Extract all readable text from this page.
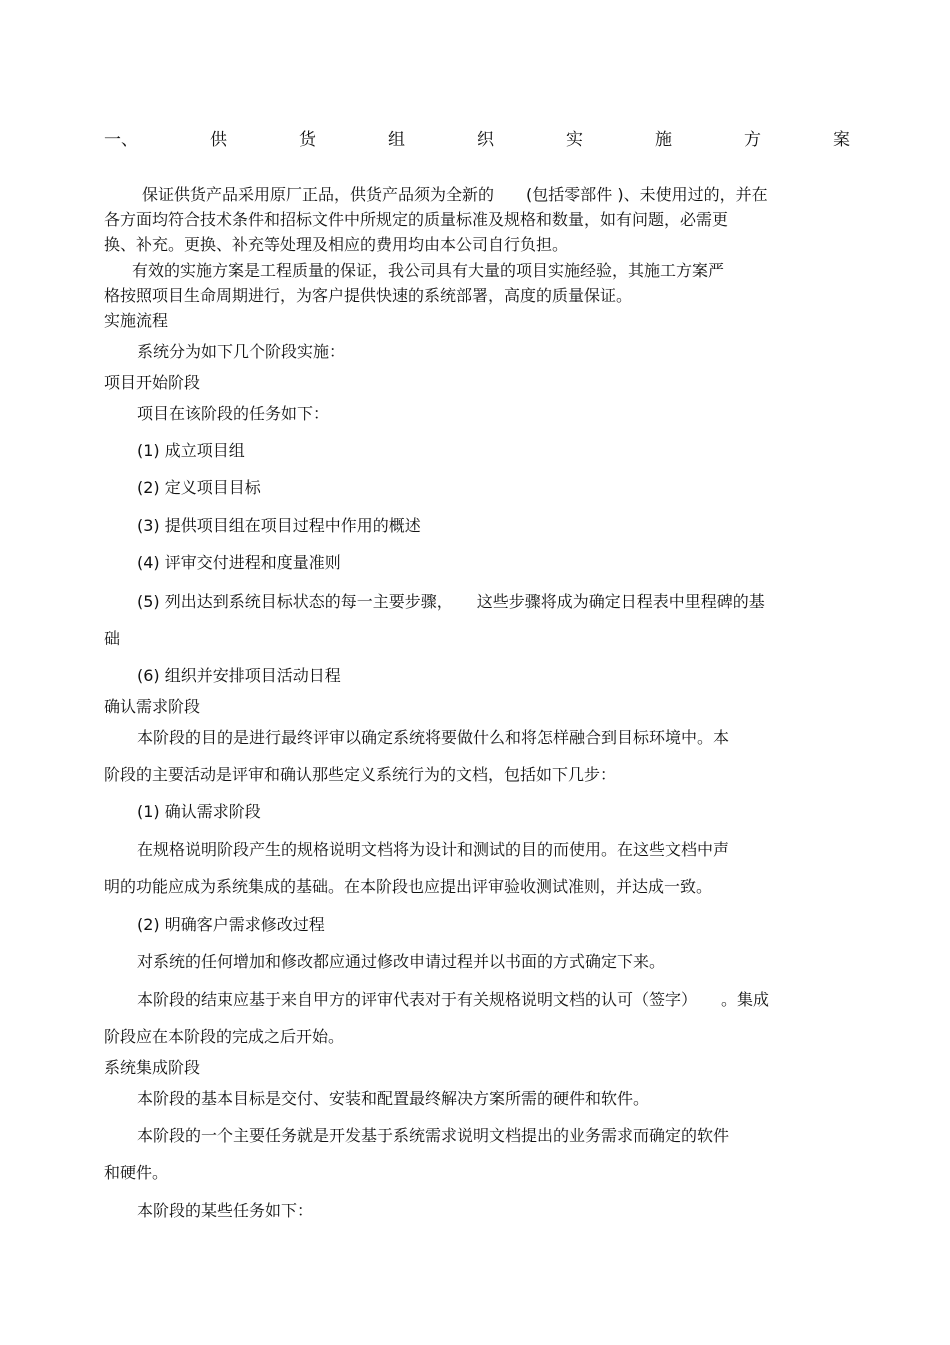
一、	供	货	组	织	实	施	方	案
保证供货产品采用原厂正品，供货产品须为全新的　　(包括零部件 )、未使用过的，并在
各方面均符合技术条件和招标文件中所规定的质量标准及规格和数量，如有问题，必需更
换、补充。更换、补充等处理及相应的费用均由本公司自行负担。
有效的实施方案是工程质量的保证，我公司具有大量的项目实施经验，其施工方案严
格按照项目生命周期进行，为客户提供快速的系统部署，高度的质量保证。
实施流程
系统分为如下几个阶段实施：
项目开始阶段
项目在该阶段的任务如下：
(1) 成立项目组
(2) 定义项目目标
(3) 提供项目组在项目过程中作用的概述
(4) 评审交付进程和度量准则
(5) 列出达到系统目标状态的每一主要步骤，　　这些步骤将成为确定日程表中里程碑的基
础
(6) 组织并安排项目活动日程
确认需求阶段
本阶段的目的是进行最终评审以确定系统将要做什么和将怎样融合到目标环境中。本
阶段的主要活动是评审和确认那些定义系统行为的文档，包括如下几步：
(1) 确认需求阶段
在规格说明阶段产生的规格说明文档将为设计和测试的目的而使用。在这些文档中声
明的功能应成为系统集成的基础。在本阶段也应提出评审验收测试准则，并达成一致。
(2) 明确客户需求修改过程
对系统的任何增加和修改都应通过修改申请过程并以书面的方式确定下来。
本阶段的结束应基于来自甲方的评审代表对于有关规格说明文档的认可（签字）　　。集成
阶段应在本阶段的完成之后开始。
系统集成阶段
本阶段的基本目标是交付、安装和配置最终解决方案所需的硬件和软件。
本阶段的一个主要任务就是开发基于系统需求说明文档提出的业务需求而确定的软件
和硬件。
本阶段的某些任务如下：
